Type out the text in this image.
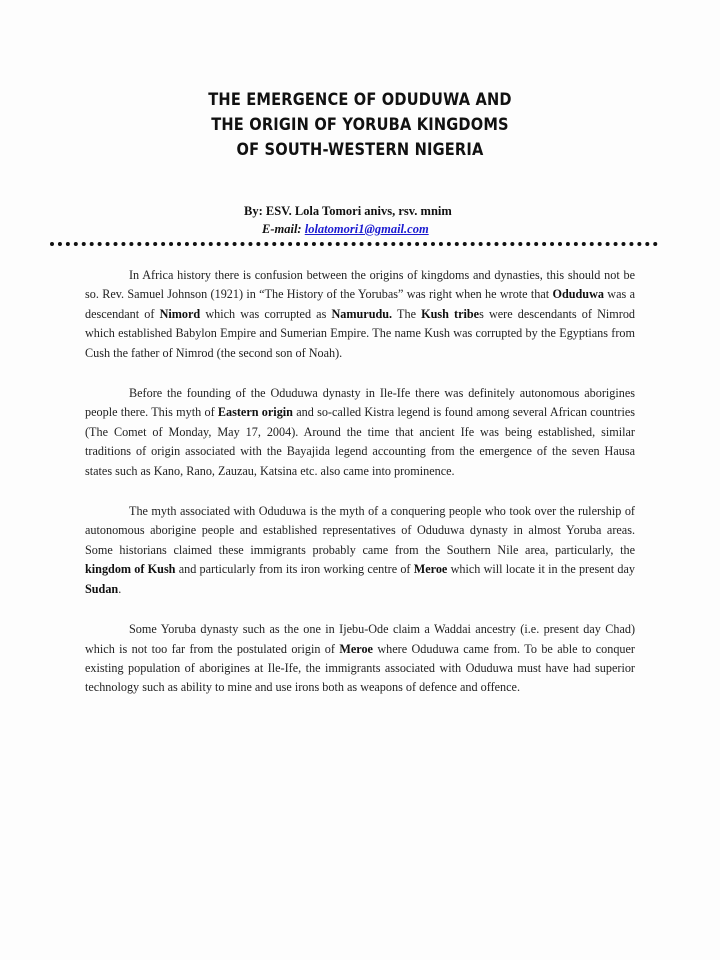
THE EMERGENCE OF ODUDUWA AND
THE ORIGIN OF YORUBA KINGDOMS
OF SOUTH-WESTERN NIGERIA
By: ESV. Lola Tomori anivs, rsv. mnim
E-mail: lolatomori1@gmail.com

In Africa history there is confusion between the origins of kingdoms and dynasties, this should not be so. Rev. Samuel Johnson (1921) in “The History of the Yorubas” was right when he wrote that Oduduwa was a descendant of Nimord which was corrupted as Namurudu. The Kush tribes were descendants of Nimrod which established Babylon Empire and Sumerian Empire. The name Kush was corrupted by the Egyptians from Cush the father of Nimrod (the second son of Noah).

Before the founding of the Oduduwa dynasty in Ile-Ife there was definitely autonomous aborigines people there. This myth of Eastern origin and so-called Kistra legend is found among several African countries (The Comet of Monday, May 17, 2004). Around the time that ancient Ife was being established, similar traditions of origin associated with the Bayajida legend accounting from the emergence of the seven Hausa states such as Kano, Rano, Zauzau, Katsina etc. also came into prominence.

The myth associated with Oduduwa is the myth of a conquering people who took over the rulership of autonomous aborigine people and established representatives of Oduduwa dynasty in almost Yoruba areas. Some historians claimed these immigrants probably came from the Southern Nile area, particularly, the kingdom of Kush and particularly from its iron working centre of Meroe which will locate it in the present day Sudan.

Some Yoruba dynasty such as the one in Ijebu-Ode claim a Waddai ancestry (i.e. present day Chad) which is not too far from the postulated origin of Meroe where Oduduwa came from. To be able to conquer existing population of aborigines at Ile-Ife, the immigrants associated with Oduduwa must have had superior technology such as ability to mine and use irons both as weapons of defence and offence.
